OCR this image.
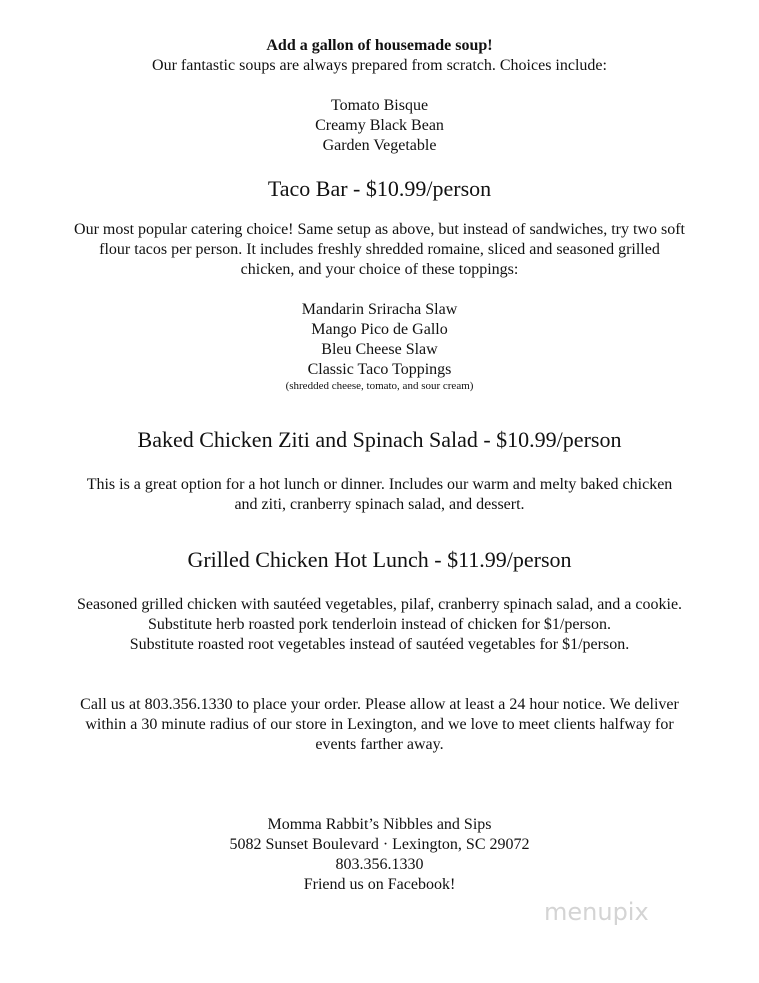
Add a gallon of housemade soup!
Our fantastic soups are always prepared from scratch. Choices include:
Tomato Bisque
Creamy Black Bean
Garden Vegetable
Taco Bar - $10.99/person
Our most popular catering choice! Same setup as above, but instead of sandwiches, try two soft
flour tacos per person. It includes freshly shredded romaine, sliced and seasoned grilled
chicken, and your choice of these toppings:
Mandarin Sriracha Slaw
Mango Pico de Gallo
Bleu Cheese Slaw
Classic Taco Toppings
(shredded cheese, tomato, and sour cream)
Baked Chicken Ziti and Spinach Salad - $10.99/person
This is a great option for a hot lunch or dinner. Includes our warm and melty baked chicken
and ziti, cranberry spinach salad, and dessert.
Grilled Chicken Hot Lunch - $11.99/person
Seasoned grilled chicken with sautéed vegetables, pilaf, cranberry spinach salad, and a cookie.
Substitute herb roasted pork tenderloin instead of chicken for $1/person.
Substitute roasted root vegetables instead of sautéed vegetables for $1/person.
Call us at 803.356.1330 to place your order. Please allow at least a 24 hour notice. We deliver
within a 30 minute radius of our store in Lexington, and we love to meet clients halfway for
events farther away.
Momma Rabbit’s Nibbles and Sips
5082 Sunset Boulevard · Lexington, SC 29072
803.356.1330
Friend us on Facebook!
menupix
